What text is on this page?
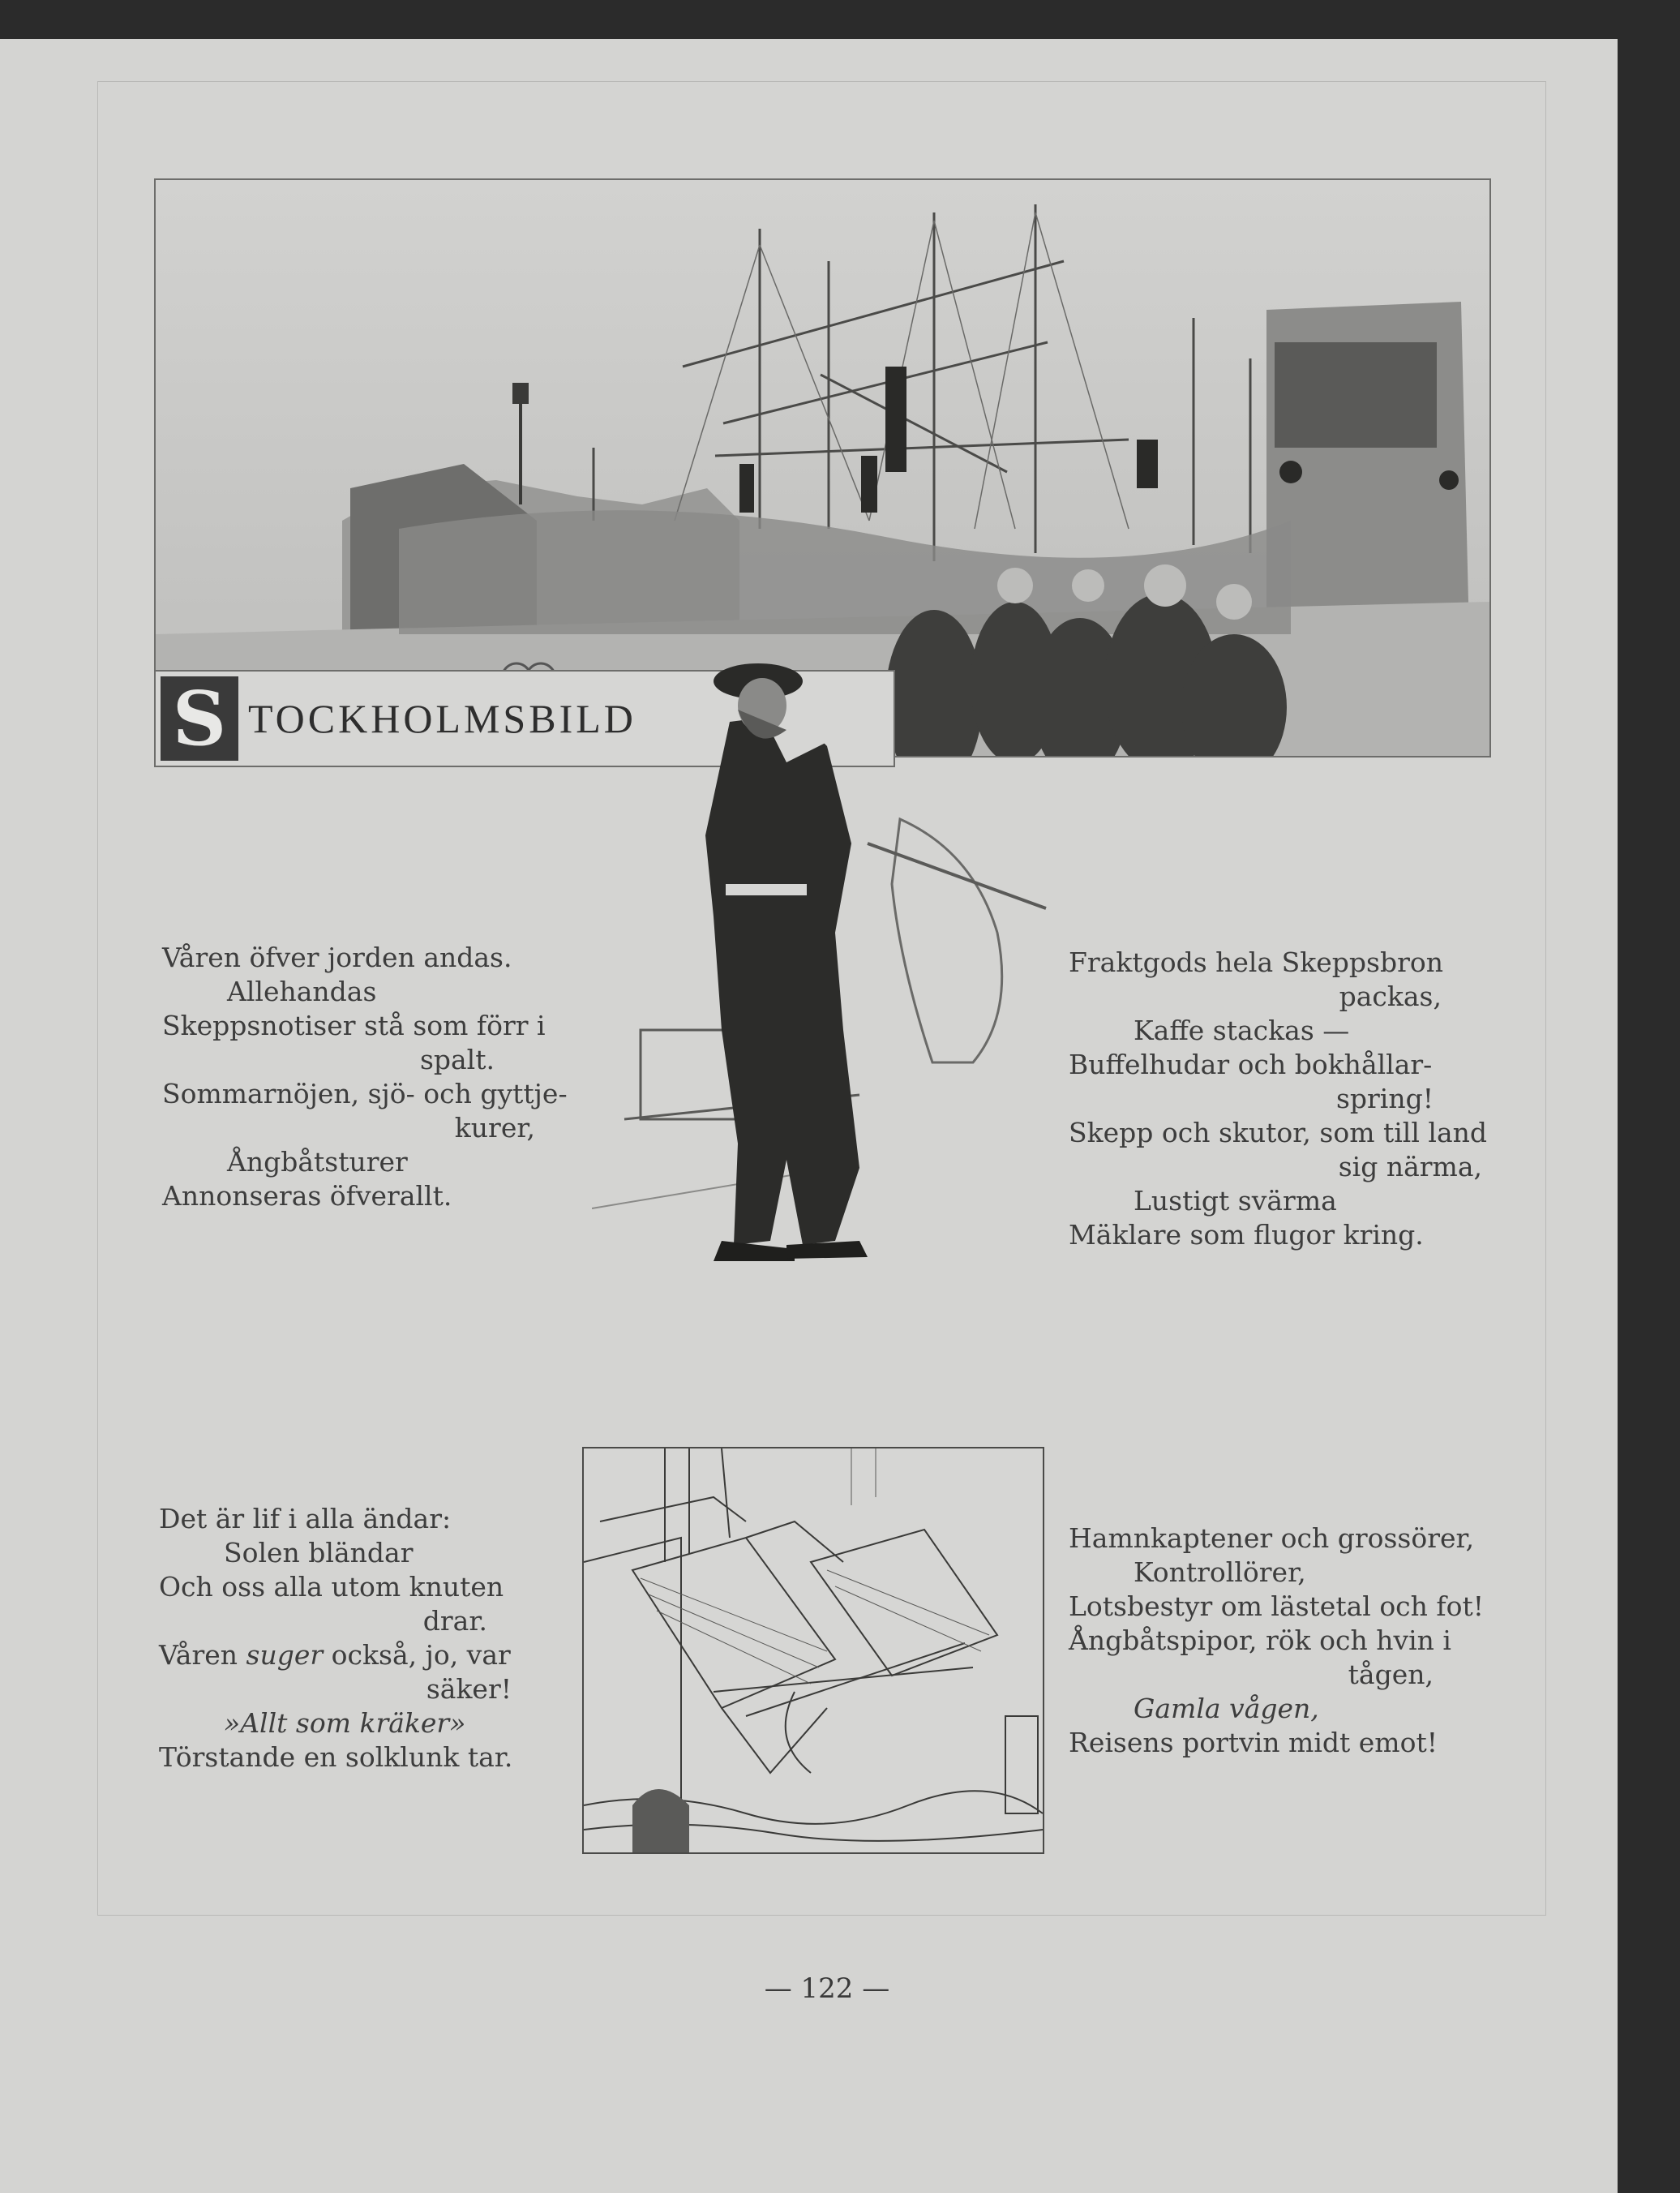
S TOCKHOLMSBILD
Våren öfver jorden andas.
Allehandas
Skeppsnotiser stå som förr i
spalt.
Sommarnöjen, sjö- och gyttje-
kurer,
Ångbåtsturer
Annonseras öfverallt.
Fraktgods hela Skeppsbron
packas,
Kaffe stackas —
Buffelhudar och bokhållar-
spring!
Skepp och skutor, som till land
sig närma,
Lustigt svärma
Mäklare som flugor kring.
Det är lif i alla ändar:
Solen bländar
Och oss alla utom knuten
drar.
Våren suger också, jo, var
säker!
»Allt som kräker»
Törstande en solklunk tar.
Hamnkaptener och grossörer,
Kontrollörer,
Lotsbestyr om lästetal och fot!
Ångbåtspipor, rök och hvin i
tågen,
Gamla vågen,
Reisens portvin midt emot!
— 122 —
